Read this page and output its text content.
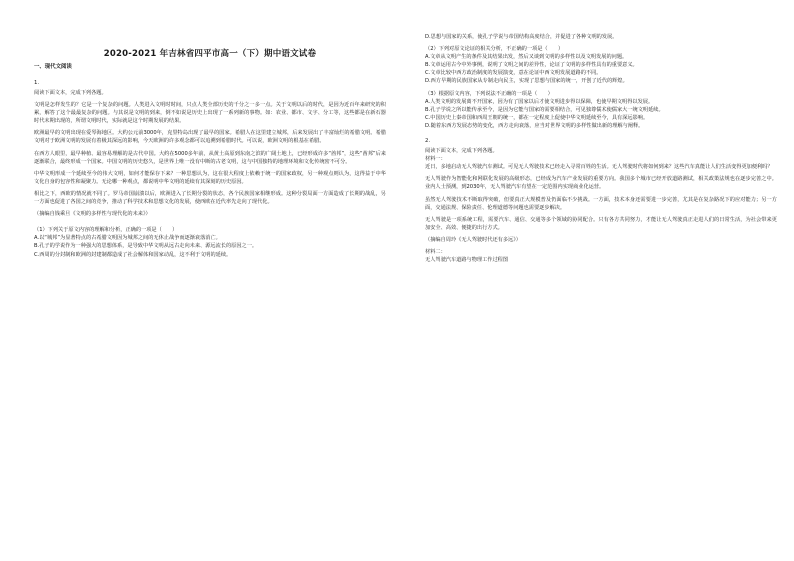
2020-2021 年吉林省四平市高一（下）期中语文试卷

一、现代文阅读

1.

阅读下面文本，完成下列各题。

文明是怎样发生的？它是一个复杂的问题。人类进入文明时时间，只点人类全部历史的千分之一多一点。关于文明以后的时代，是因为近百年来研究的积累，解答了这个最最复杂的问题。与其说是文明的到来，倒不如说是历史上出现了一系列新的事物。如：农业、都市、文字、分工等，这些都是在新石器时代末期出现的，所谓文明时代，实际就是这个时期发展的结果。

欧洲最早的文明出现在爱琴海地区。大约公元前3000年，克里特岛出现了最早的国家。希腊人在这里建立城邦，后来发展出了丰富灿烂的希腊文明。希腊文明对于欧洲文明的发展有着极其深远的影响，今天欧洲的许多观念都可以追溯到希腊时代。可以说，欧洲文明的根基在希腊。

在西方人眼里，最早种植、最容易理解的是古代中国。大约在5000多年前，从黄土高原到东南之滨的广阔土地上，已经形成许多“酋邦”，这些“酋邦”后来逐渐联合，最终形成一个国家。中国文明的历史悠久，是世界上唯一没有中断的古老文明，这与中国独特的地理环境和文化传统密不可分。

中华文明形成一个延续至今的伟大文明，如何才能保存下来？一种思想认为，这在很大程度上依赖于统一的国家政权，另一种观点则认为，这得益于中华文化自身的包容性和凝聚力。无论哪一种观点，都说明中华文明的延续有其深刻的历史原因。

相比之下，西欧的情况就不同了。罗马帝国崩溃以后，欧洲进入了长期分裂的状态，各个民族国家相继形成。这种分裂局面一方面造成了长期的战乱，另一方面也促进了各国之间的竞争，推动了科学技术和思想文化的发展，使西欧在近代率先走向了现代化。

（摘编自钱乘旦《文明的多样性与现代化的未来》）

（1）下列关于原文内容的理解和分析，正确的一项是（　　）

A.以“城邦”为显著特点的古希腊文明因为城邦之间的无休止战争而逐渐衰落消亡。

B.孔子的学说作为一种强大的思想体系，是导致中华文明从远古走向未来、源远流长的原因之一。

C.西周的分封制和欧洲的封建制都造成了社会解体和国家动乱，这不利于文明的延续。

D.思想与国家的关系，使孔子学说与帝国结构高度结合，并促进了各种文明的发展。

（2）下列对原文论证的相关分析，不正确的一项是（　　）

A.文章从文明产生的条件及其结果出发，然后又谈到文明的多样性以及文明发展的问题。

B.文章运用古今中外事例，说明了文明之间的差异性，论证了文明的多样性具有的重要意义。

C.文章比较中西方政治制度的发展演变，意在论证中西文明发展道路的不同。

D.西方早期的民族国家从专制走向民主，实现了思想与国家的统一，开创了近代的辉煌。

（3）根据原文内容，下列说法不正确的一项是（　　）

A.人类文明的发展离不开国家，因为有了国家以后才使文明进步得以保障，也使早期文明得以发展。

B.孔子学说之所以能传承至今，是因为它能与国家的需要相结合，可见独尊儒术使儒家大一统文明延续。

C.中国历史上秦帝国和西周王朝的统一，都在一定程度上促使中华文明延续至今，具有深远影响。

D.随着东西方发展态势的变化，西方走向衰落，应当对世界文明的多样性做出新的理解与阐释。

2.

阅读下面文本，完成下列各题。

材料一：

近日，多地启动无人驾驶汽车测试。可见无人驾驶技术已经走入寻常百姓的生活。无人驾驶时代将如何到来？这些汽车真能让人们生活变得更加便利吗？

无人驾驶作为智能化和网联化发展的高级形态，已经成为汽车产业发展的重要方向。我国多个城市已经开放道路测试，相关政策法规也在逐步完善之中。业内人士预测，到2030年，无人驾驶汽车有望在一定范围内实现商业化运营。

虽然无人驾驶技术不断取得突破，但要真正大规模普及仍面临不少挑战。一方面，技术本身还需要进一步完善，尤其是在复杂路况下的应对能力；另一方面，交通法规、保险责任、伦理道德等问题也需要逐步解决。

无人驾驶是一项系统工程，需要汽车、通信、交通等多个领域的协同配合。只有各方共同努力，才能让无人驾驶真正走进人们的日常生活，为社会带来更加安全、高效、便捷的出行方式。

（摘编自周玲《无人驾驶时代还有多远》）

材料二：

无人驾驶汽车道路与物理工作过程图
